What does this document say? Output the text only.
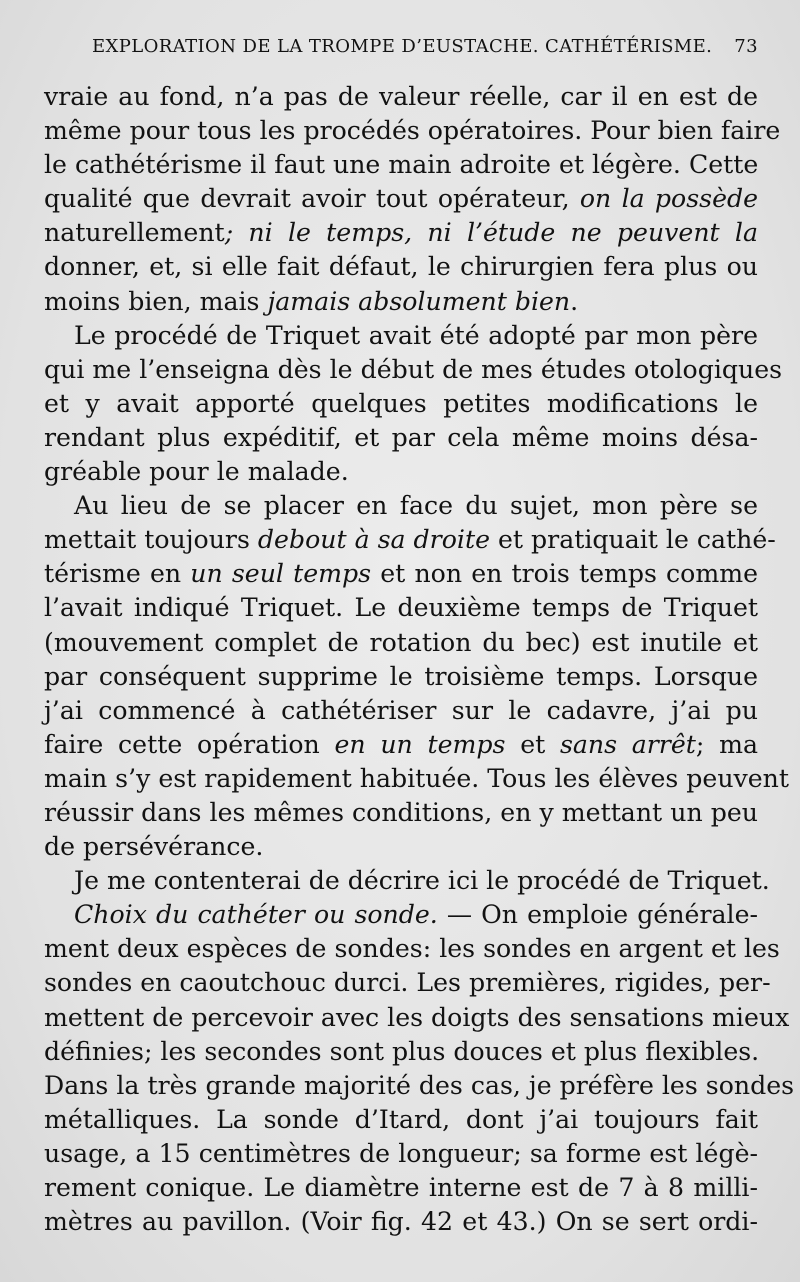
EXPLORATION DE LA TROMPE D’EUSTACHE. CATHÉTÉRISME. 73
vraie au fond, n’a pas de valeur réelle, car il en est de
même pour tous les procédés opératoires. Pour bien faire
le cathétérisme il faut une main adroite et légère. Cette
qualité que devrait avoir tout opérateur, on la possède
naturellement; ni le temps, ni l’étude ne peuvent la
donner, et, si elle fait défaut, le chirurgien fera plus ou
moins bien, mais jamais absolument bien.
Le procédé de Triquet avait été adopté par mon père
qui me l’enseigna dès le début de mes études otologiques
et y avait apporté quelques petites modifications le
rendant plus expéditif, et par cela même moins désa-
gréable pour le malade.
Au lieu de se placer en face du sujet, mon père se
mettait toujours debout à sa droite et pratiquait le cathé-
térisme en un seul temps et non en trois temps comme
l’avait indiqué Triquet. Le deuxième temps de Triquet
(mouvement complet de rotation du bec) est inutile et
par conséquent supprime le troisième temps. Lorsque
j’ai commencé à cathétériser sur le cadavre, j’ai pu
faire cette opération en un temps et sans arrêt; ma
main s’y est rapidement habituée. Tous les élèves peuvent
réussir dans les mêmes conditions, en y mettant un peu
de persévérance.
Je me contenterai de décrire ici le procédé de Triquet.
Choix du cathéter ou sonde. — On emploie générale-
ment deux espèces de sondes: les sondes en argent et les
sondes en caoutchouc durci. Les premières, rigides, per-
mettent de percevoir avec les doigts des sensations mieux
définies; les secondes sont plus douces et plus flexibles.
Dans la très grande majorité des cas, je préfère les sondes
métalliques. La sonde d’Itard, dont j’ai toujours fait
usage, a 15 centimètres de longueur; sa forme est légè-
rement conique. Le diamètre interne est de 7 à 8 milli-
mètres au pavillon. (Voir fig. 42 et 43.) On se sert ordi-
